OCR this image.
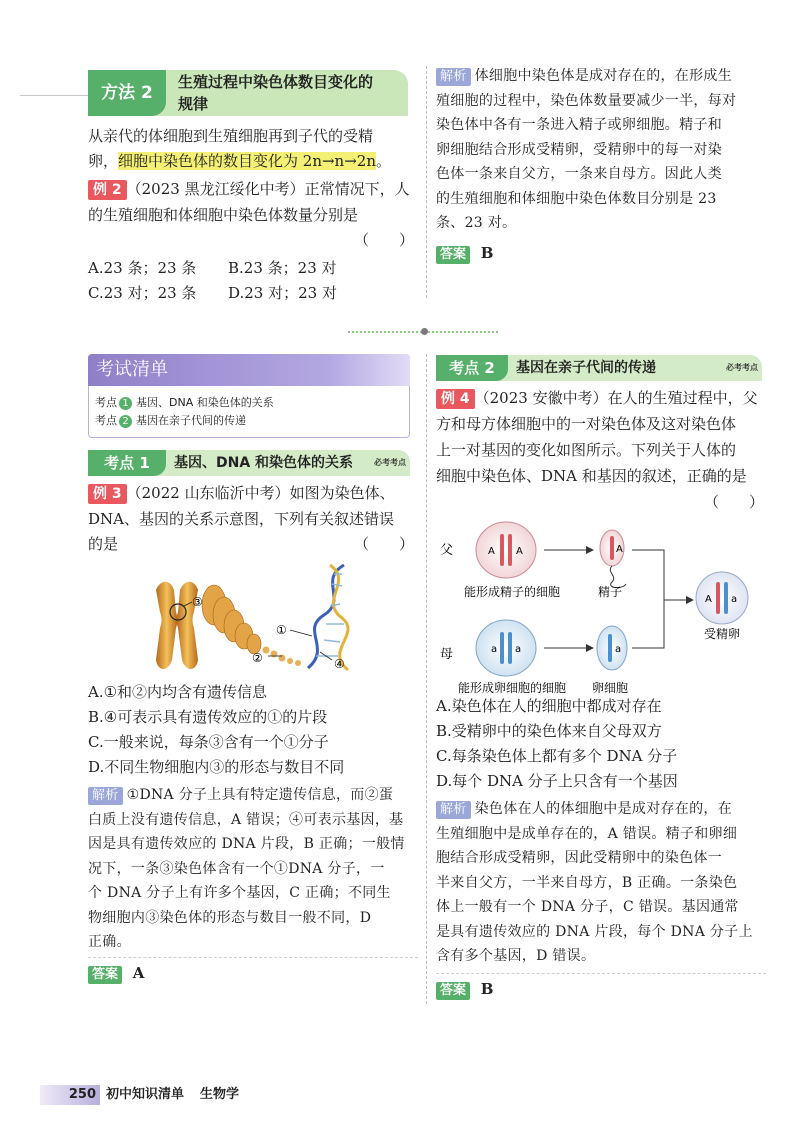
方法 2
生殖过程中染色体数目变化的
规律
从亲代的体细胞到生殖细胞再到子代的受精
卵，细胞中染色体的数目变化为 2n→n→2n。
例 2 （2023 黑龙江绥化中考）正常情况下，人
的生殖细胞和体细胞中染色体数量分别是
（　　）
A.23 条；23 条 B.23 条；23 对
C.23 对；23 条 D.23 对；23 对
解析 体细胞中染色体是成对存在的，在形成生
殖细胞的过程中，染色体数量要减少一半，每对
染色体中各有一条进入精子或卵细胞。精子和
卵细胞结合形成受精卵，受精卵中的每一对染
色体一条来自父方，一条来自母方。因此人类
的生殖细胞和体细胞中染色体数目分别是 23
条、23 对。
答案 B
考试清单
考点 1 基因、DNA 和染色体的关系
考点 2 基因在亲子代间的传递
考点 1	基因、DNA 和染色体的关系	必考考点
例 3 （2022 山东临沂中考）如图为染色体、
DNA、基因的关系示意图，下列有关叙述错误
的是	（　　）
③
①
②	④
A.①和②内均含有遗传信息
B.④可表示具有遗传效应的①的片段
C.一般来说，每条③含有一个①分子
D.不同生物细胞内③的形态与数目不同
解析 ①DNA 分子上具有特定遗传信息，而②蛋
白质上没有遗传信息，A 错误；④可表示基因，基
因是具有遗传效应的 DNA 片段，B 正确；一般情
况下，一条③染色体含有一个①DNA 分子，一
个 DNA 分子上有许多个基因，C 正确；不同生
物细胞内③染色体的形态与数目一般不同，D
正确。
答案 A
考点 2	基因在亲子代间的传递	必考考点
例 4 （2023 安徽中考）在人的生殖过程中，父
方和母方体细胞中的一对染色体及这对染色体
上一对基因的变化如图所示。下列关于人体的
细胞中染色体、DNA 和基因的叙述，正确的是
（　　）
父
母
A A
能形成精子的细胞
A
精子
a a
能形成卵细胞的细胞
a
卵细胞
A a
受精卵
A.染色体在人的细胞中都成对存在
B.受精卵中的染色体来自父母双方
C.每条染色体上都有多个 DNA 分子
D.每个 DNA 分子上只含有一个基因
解析 染色体在人的体细胞中是成对存在的，在
生殖细胞中是成单存在的，A 错误。精子和卵细
胞结合形成受精卵，因此受精卵中的染色体一
半来自父方，一半来自母方，B 正确。一条染色
体上一般有一个 DNA 分子，C 错误。基因通常
是具有遗传效应的 DNA 片段，每个 DNA 分子上
含有多个基因，D 错误。
答案 B
250 初中知识清单 生物学
